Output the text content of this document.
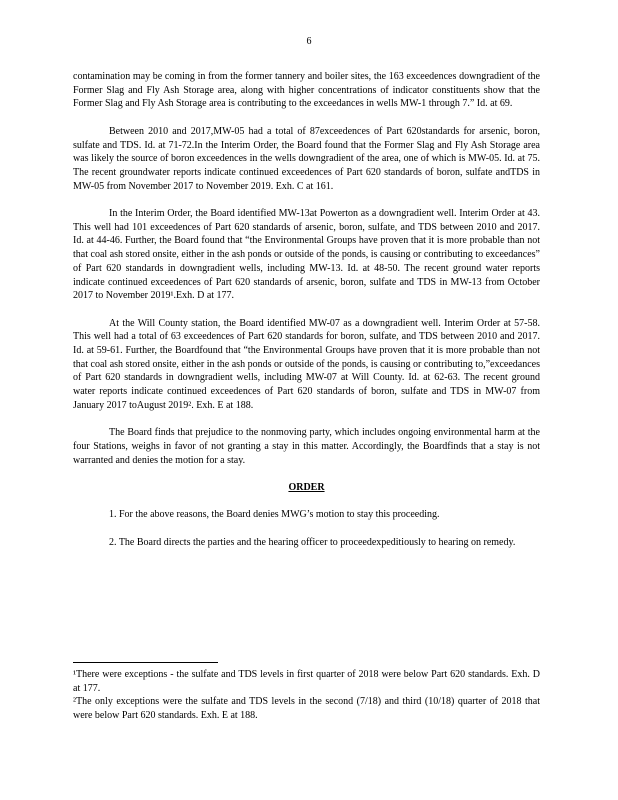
6

contamination may be coming in from the former tannery and boiler sites, the 163 exceedences downgradient of the Former Slag and Fly Ash Storage area, along with higher concentrations of indicator constituents show that the Former Slag and Fly Ash Storage area is contributing to the exceedances in wells MW-1 through 7.” Id. at 69.

Between 2010 and 2017,MW-05 had a total of 87exceedences of Part 620standards for arsenic, boron, sulfate and TDS. Id. at 71-72.In the Interim Order, the Board found that the Former Slag and Fly Ash Storage area was likely the source of boron exceedences in the wells downgradient of the area, one of which is MW-05. Id. at 75. The recent groundwater reports indicate continued exceedences of Part 620 standards of boron, sulfate andTDS in MW-05 from November 2017 to November 2019. Exh. C at 161.

In the Interim Order, the Board identified MW-13at Powerton as a downgradient well. Interim Order at 43. This well had 101 exceedences of Part 620 standards of arsenic, boron, sulfate, and TDS between 2010 and 2017. Id. at 44-46. Further, the Board found that “the Environmental Groups have proven that it is more probable than not that coal ash stored onsite, either in the ash ponds or outside of the ponds, is causing or contributing to exceedances” of Part 620 standards in downgradient wells, including MW-13. Id. at 48-50. The recent ground water reports indicate continued exceedences of Part 620 standards of arsenic, boron, sulfate and TDS in MW-13 from October 2017 to November 2019¹.Exh. D at 177.

At the Will County station, the Board identified MW-07 as a downgradient well. Interim Order at 57-58. This well had a total of 63 exceedences of Part 620 standards for boron, sulfate, and TDS between 2010 and 2017. Id. at 59-61. Further, the Boardfound that “the Environmental Groups have proven that it is more probable than not that coal ash stored onsite, either in the ash ponds or outside of the ponds, is causing or contributing to,”exceedances of Part 620 standards in downgradient wells, including MW-07 at Will County. Id. at 62-63. The recent ground water reports indicate continued exceedences of Part 620 standards of boron, sulfate and TDS in MW-07 from January 2017 toAugust 2019². Exh. E at 188.

The Board finds that prejudice to the nonmoving party, which includes ongoing environmental harm at the four Stations, weighs in favor of not granting a stay in this matter. Accordingly, the Boardfinds that a stay is not warranted and denies the motion for a stay.

ORDER

1. For the above reasons, the Board denies MWG’s motion to stay this proceeding.

2. The Board directs the parties and the hearing officer to proceedexpeditiously to hearing on remedy.

¹There were exceptions - the sulfate and TDS levels in first quarter of 2018 were below Part 620 standards. Exh. D at 177.

²The only exceptions were the sulfate and TDS levels in the second (7/18) and third (10/18) quarter of 2018 that were below Part 620 standards. Exh. E at 188.
